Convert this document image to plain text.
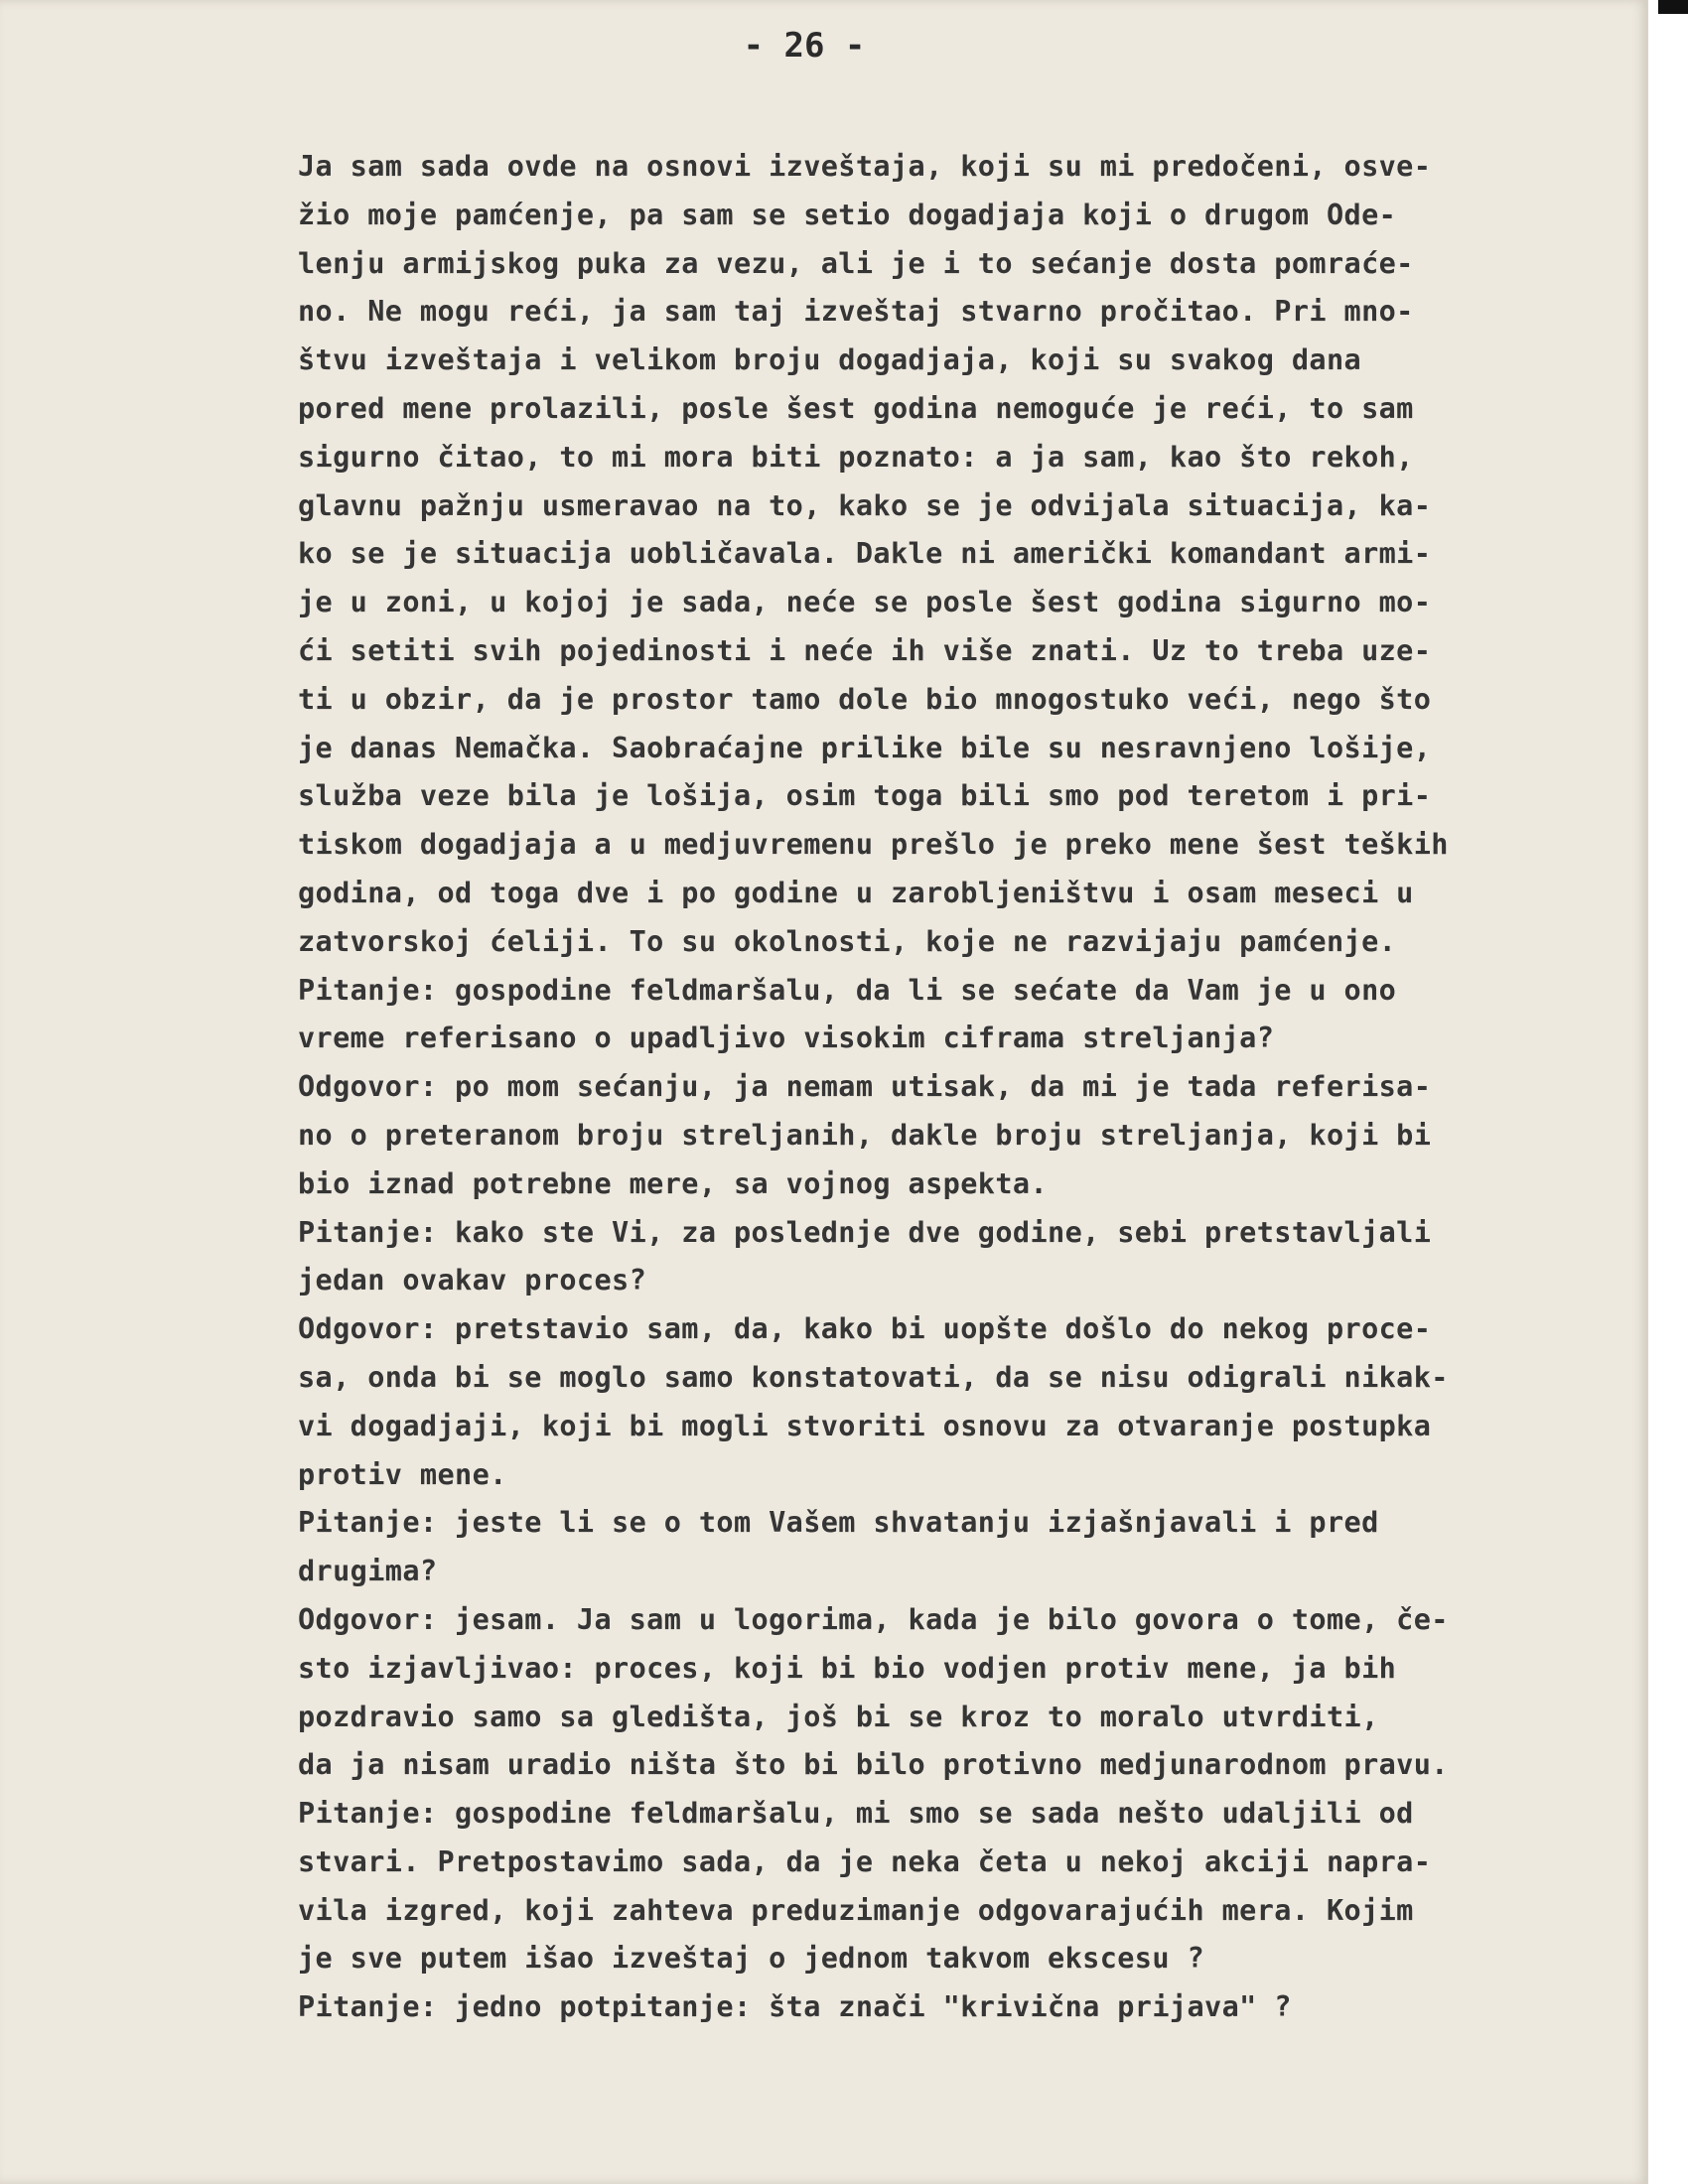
- 26 -
Ja sam sada ovde na osnovi izveštaja, koji su mi predočeni, osve-
žio moje pamćenje, pa sam se setio dogadjaja koji o drugom Ode-
lenju armijskog puka za vezu, ali je i to sećanje dosta pomraće-
no. Ne mogu reći, ja sam taj izveštaj stvarno pročitao. Pri mno-
štvu izveštaja i velikom broju dogadjaja, koji su svakog dana
pored mene prolazili, posle šest godina nemoguće je reći, to sam
sigurno čitao, to mi mora biti poznato: a ja sam, kao što rekoh,
glavnu pažnju usmeravao na to, kako se je odvijala situacija, ka-
ko se je situacija uobličavala. Dakle ni američki komandant armi-
je u zoni, u kojoj je sada, neće se posle šest godina sigurno mo-
ći setiti svih pojedinosti i neće ih više znati. Uz to treba uze-
ti u obzir, da je prostor tamo dole bio mnogostuko veći, nego što
je danas Nemačka. Saobraćajne prilike bile su nesravnjeno lošije,
služba veze bila je lošija, osim toga bili smo pod teretom i pri-
tiskom dogadjaja a u medjuvremenu prešlo je preko mene šest teških
godina, od toga dve i po godine u zarobljeništvu i osam meseci u
zatvorskoj ćeliji. To su okolnosti, koje ne razvijaju pamćenje.
Pitanje: gospodine feldmaršalu, da li se sećate da Vam je u ono
vreme referisano o upadljivo visokim ciframa streljanja?
Odgovor: po mom sećanju, ja nemam utisak, da mi je tada referisa-
no o preteranom broju streljanih, dakle broju streljanja, koji bi
bio iznad potrebne mere, sa vojnog aspekta.
Pitanje: kako ste Vi, za poslednje dve godine, sebi pretstavljali
jedan ovakav proces?
Odgovor: pretstavio sam, da, kako bi uopšte došlo do nekog proce-
sa, onda bi se moglo samo konstatovati, da se nisu odigrali nikak-
vi dogadjaji, koji bi mogli stvoriti osnovu za otvaranje postupka
protiv mene.
Pitanje: jeste li se o tom Vašem shvatanju izjašnjavali i pred
drugima?
Odgovor: jesam. Ja sam u logorima, kada je bilo govora o tome, če-
sto izjavljivao: proces, koji bi bio vodjen protiv mene, ja bih
pozdravio samo sa gledišta, još bi se kroz to moralo utvrditi,
da ja nisam uradio ništa što bi bilo protivno medjunarodnom pravu.
Pitanje: gospodine feldmaršalu, mi smo se sada nešto udaljili od
stvari. Pretpostavimo sada, da je neka četa u nekoj akciji napra-
vila izgred, koji zahteva preduzimanje odgovarajućih mera. Kojim
je sve putem išao izveštaj o jednom takvom ekscesu ?
Pitanje: jedno potpitanje: šta znači "krivična prijava" ?
